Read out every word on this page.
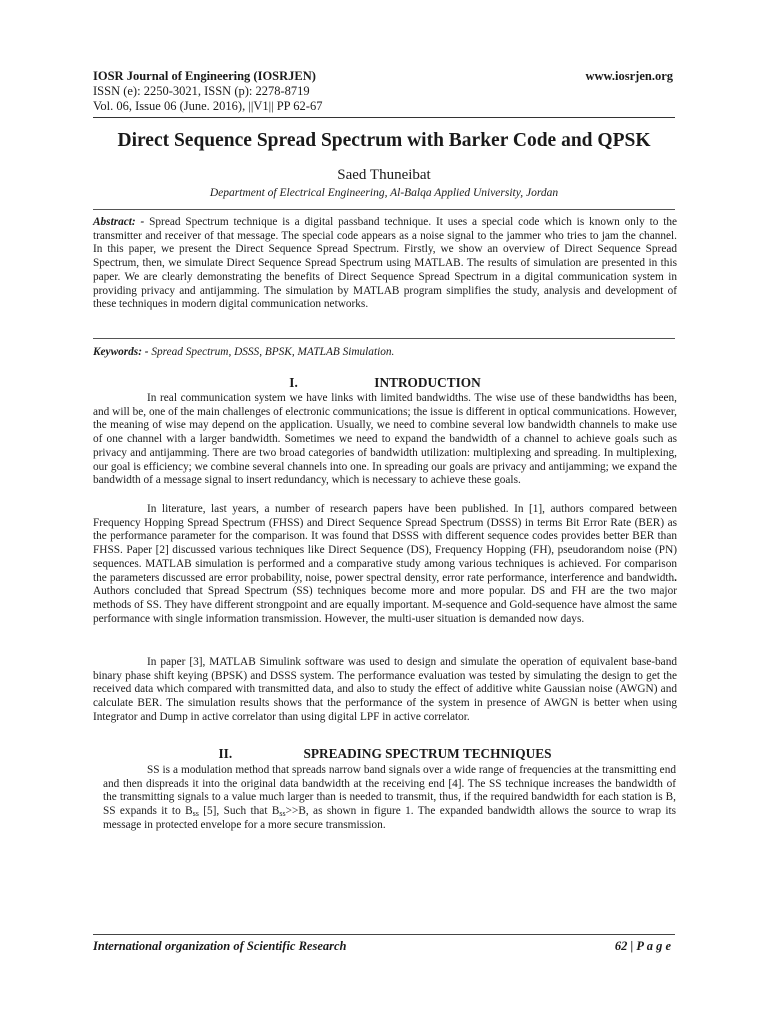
IOSR Journal of Engineering (IOSRJEN)	www.iosrjen.org
ISSN (e): 2250-3021, ISSN (p): 2278-8719
Vol. 06, Issue 06 (June. 2016), ||V1|| PP 62-67
Direct Sequence Spread Spectrum with Barker Code and QPSK
Saed Thuneibat
Department of Electrical Engineering, Al-Balqa Applied University, Jordan
Abstract: - Spread Spectrum technique is a digital passband technique. It uses a special code which is known only to the transmitter and receiver of that message. The special code appears as a noise signal to the jammer who tries to jam the channel. In this paper, we present the Direct Sequence Spread Spectrum. Firstly, we show an overview of Direct Sequence Spread Spectrum, then, we simulate Direct Sequence Spread Spectrum using MATLAB. The results of simulation are presented in this paper. We are clearly demonstrating the benefits of Direct Sequence Spread Spectrum in a digital communication system in providing privacy and antijamming. The simulation by MATLAB program simplifies the study, analysis and development of these techniques in modern digital communication networks.
Keywords: - Spread Spectrum, DSSS, BPSK, MATLAB Simulation.
I.	INTRODUCTION
In real communication system we have links with limited bandwidths. The wise use of these bandwidths has been, and will be, one of the main challenges of electronic communications; the issue is different in optical communications. However, the meaning of wise may depend on the application. Usually, we need to combine several low bandwidth channels to make use of one channel with a larger bandwidth. Sometimes we need to expand the bandwidth of a channel to achieve goals such as privacy and antijamming. There are two broad categories of bandwidth utilization: multiplexing and spreading. In multiplexing, our goal is efficiency; we combine several channels into one. In spreading our goals are privacy and antijamming; we expand the bandwidth of a message signal to insert redundancy, which is necessary to achieve these goals.
In literature, last years, a number of research papers have been published. In [1], authors compared between Frequency Hopping Spread Spectrum (FHSS) and Direct Sequence Spread Spectrum (DSSS) in terms Bit Error Rate (BER) as the performance parameter for the comparison. It was found that DSSS with different sequence codes provides better BER than FHSS. Paper [2] discussed various techniques like Direct Sequence (DS), Frequency Hopping (FH), pseudorandom noise (PN) sequences. MATLAB simulation is performed and a comparative study among various techniques is achieved. For comparison the parameters discussed are error probability, noise, power spectral density, error rate performance, interference and bandwidth. Authors concluded that Spread Spectrum (SS) techniques become more and more popular. DS and FH are the two major methods of SS. They have different strongpoint and are equally important. M-sequence and Gold-sequence have almost the same performance with single information transmission. However, the multi-user situation is demanded now days.
In paper [3], MATLAB Simulink software was used to design and simulate the operation of equivalent base-band binary phase shift keying (BPSK) and DSSS system. The performance evaluation was tested by simulating the design to get the received data which compared with transmitted data, and also to study the effect of additive white Gaussian noise (AWGN) and calculate BER. The simulation results shows that the performance of the system in presence of AWGN is better when using Integrator and Dump in active correlator than using digital LPF in active correlator.
II.	SPREADING SPECTRUM TECHNIQUES
SS is a modulation method that spreads narrow band signals over a wide range of frequencies at the transmitting end and then dispreads it into the original data bandwidth at the receiving end [4]. The SS technique increases the bandwidth of the transmitting signals to a value much larger than is needed to transmit, thus, if the required bandwidth for each station is B, SS expands it to $B_{ss}$ [5], Such that $B_{ss}>>B$, as shown in figure 1. The expanded bandwidth allows the source to wrap its message in protected envelope for a more secure transmission.
International organization of Scientific Research	62 | P a g e
